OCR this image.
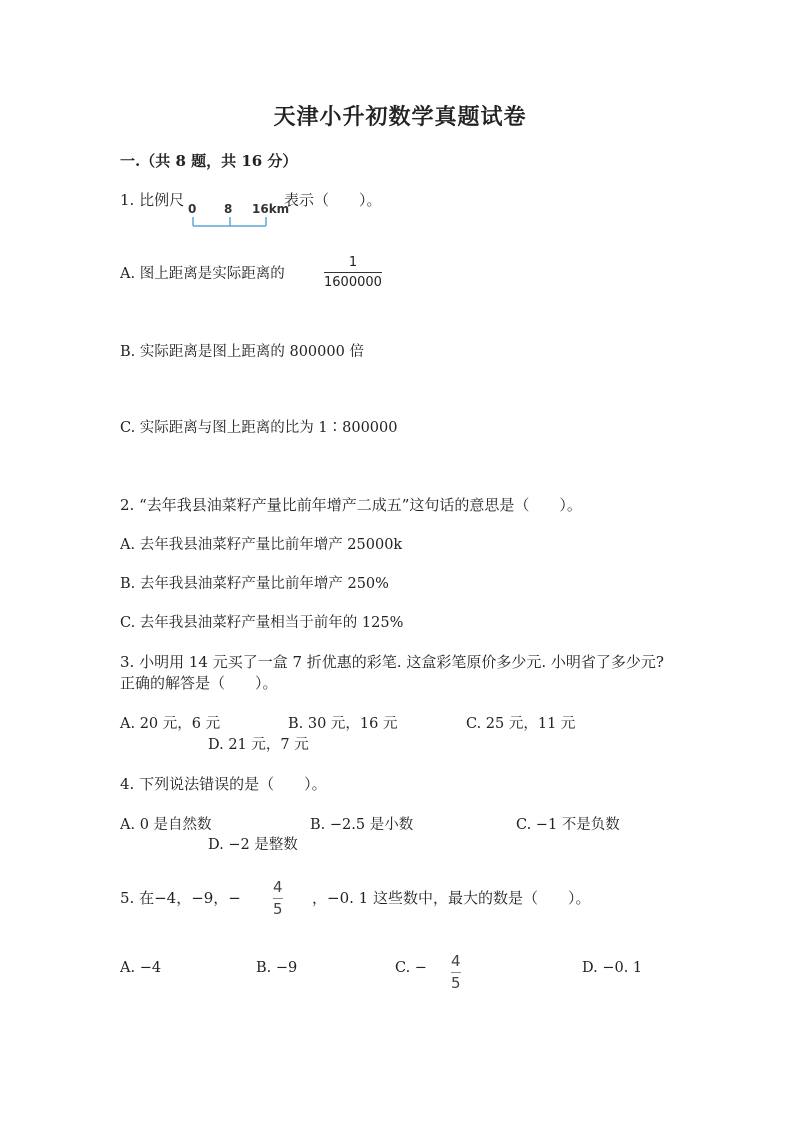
天津小升初数学真题试卷
一.（共 8 题，共 16 分）
1. 比例尺 0 8 16km
表示（　　）。
A. 图上距离是实际距离的
1
1600000
B. 实际距离是图上距离的 800000 倍
C. 实际距离与图上距离的比为 1∶800000
2. “去年我县油菜籽产量比前年增产二成五”这句话的意思是（　　）。
A. 去年我县油菜籽产量比前年增产 25000k
B. 去年我县油菜籽产量比前年增产 250%
C. 去年我县油菜籽产量相当于前年的 125%
3. 小明用 14 元买了一盒 7 折优惠的彩笔. 这盒彩笔原价多少元. 小明省了多少元?
正确的解答是（　　）。
A. 20 元，6 元	B. 30 元，16 元	C. 25 元，11 元
D. 21 元，7 元
4. 下列说法错误的是（　　）。
A. 0 是自然数	B. −2.5 是小数	C. −1 不是负数
D. −2 是整数
5. 在−4，−9，−
4
5
，−0. 1 这些数中，最大的数是（　　）。
A. −4	B. −9	C. − 4
5
D. −0. 1
